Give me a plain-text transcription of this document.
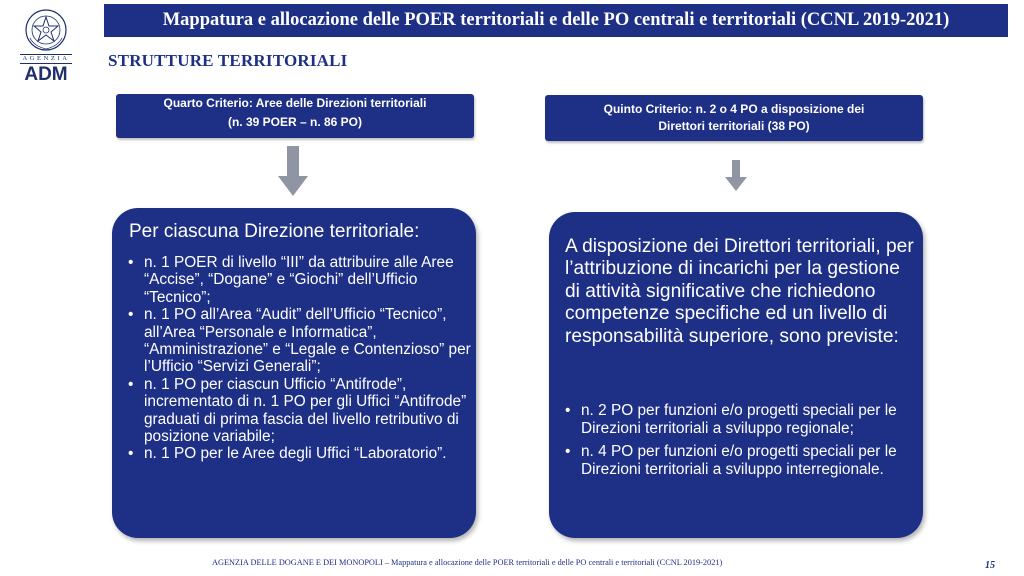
AGENZIA
ADM
Mappatura e allocazione delle POER territoriali e delle PO centrali e territoriali (CCNL 2019-2021)
STRUTTURE TERRITORIALI
Quarto Criterio: Aree delle Direzioni territoriali
(n. 39 POER – n. 86 PO)
Quinto Criterio: n. 2 o 4 PO a disposizione dei
Direttori territoriali (38 PO)
Per ciascuna Direzione territoriale:
• n. 1 POER di livello “III” da attribuire alle Aree “Accise”, “Dogane” e “Giochi” dell’Ufficio “Tecnico”;
• n. 1 PO all’Area “Audit” dell’Ufficio “Tecnico”, all’Area “Personale e Informatica”, “Amministrazione” e “Legale e Contenzioso” per l’Ufficio “Servizi Generali”;
• n. 1 PO per ciascun Ufficio “Antifrode”, incrementato di n. 1 PO per gli Uffici “Antifrode” graduati di prima fascia del livello retributivo di posizione variabile;
• n. 1 PO per le Aree degli Uffici “Laboratorio”.
A disposizione dei Direttori territoriali, per l’attribuzione di incarichi per la gestione di attività significative che richiedono competenze specifiche ed un livello di responsabilità superiore, sono previste:
• n. 2 PO per funzioni e/o progetti speciali per le Direzioni territoriali a sviluppo regionale;
• n. 4 PO per funzioni e/o progetti speciali per le Direzioni territoriali a sviluppo interregionale.
AGENZIA DELLE DOGANE E DEI MONOPOLI – Mappatura e allocazione delle POER territoriali e delle PO centrali e territoriali (CCNL 2019-2021)	15
